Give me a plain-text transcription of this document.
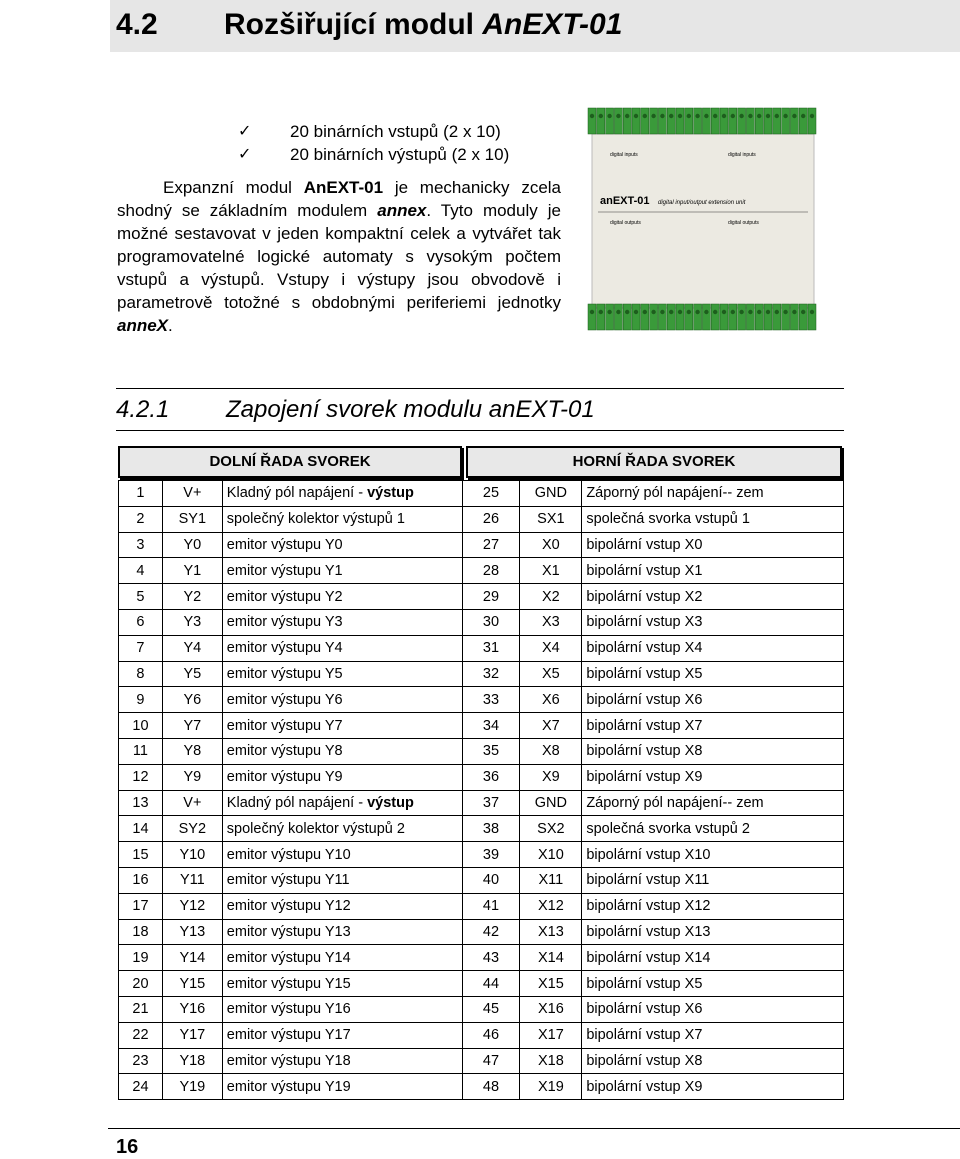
4.2 Rozšiřující modul AnEXT-01
✓	20 binárních vstupů (2 x 10)
✓	20 binárních výstupů (2 x 10)
Expanzní modul AnEXT-01 je mechanicky zcela shodný se základním modulem annex. Tyto moduly je možné sestavovat v jeden kompaktní celek a vytvářet tak programovatelné logické automaty s vysokým počtem vstupů a výstupů. Vstupy i výstupy jsou obvodově i parametrově totožné s obdobnými periferiemi jednotky anneX.
anEXT-01 digital input/output extension unit
digital inputs	digital inputs
digital outputs	digital outputs
4.2.1 Zapojení svorek modulu anEXT-01
DOLNÍ ŘADA SVOREK	HORNÍ ŘADA SVOREK
1	V+	Kladný pól napájení - výstup	25	GND	Záporný pól napájení-- zem
2	SY1	společný kolektor výstupů 1	26	SX1	společná svorka vstupů 1
3	Y0	emitor výstupu Y0	27	X0	bipolární vstup X0
4	Y1	emitor výstupu Y1	28	X1	bipolární vstup X1
5	Y2	emitor výstupu Y2	29	X2	bipolární vstup X2
6	Y3	emitor výstupu Y3	30	X3	bipolární vstup X3
7	Y4	emitor výstupu Y4	31	X4	bipolární vstup X4
8	Y5	emitor výstupu Y5	32	X5	bipolární vstup X5
9	Y6	emitor výstupu Y6	33	X6	bipolární vstup X6
10	Y7	emitor výstupu Y7	34	X7	bipolární vstup X7
11	Y8	emitor výstupu Y8	35	X8	bipolární vstup X8
12	Y9	emitor výstupu Y9	36	X9	bipolární vstup X9
13	V+	Kladný pól napájení - výstup	37	GND	Záporný pól napájení-- zem
14	SY2	společný kolektor výstupů 2	38	SX2	společná svorka vstupů 2
15	Y10	emitor výstupu Y10	39	X10	bipolární vstup X10
16	Y11	emitor výstupu Y11	40	X11	bipolární vstup X11
17	Y12	emitor výstupu Y12	41	X12	bipolární vstup X12
18	Y13	emitor výstupu Y13	42	X13	bipolární vstup X13
19	Y14	emitor výstupu Y14	43	X14	bipolární vstup X14
20	Y15	emitor výstupu Y15	44	X15	bipolární vstup X5
21	Y16	emitor výstupu Y16	45	X16	bipolární vstup X6
22	Y17	emitor výstupu Y17	46	X17	bipolární vstup X7
23	Y18	emitor výstupu Y18	47	X18	bipolární vstup X8
24	Y19	emitor výstupu Y19	48	X19	bipolární vstup X9
16
